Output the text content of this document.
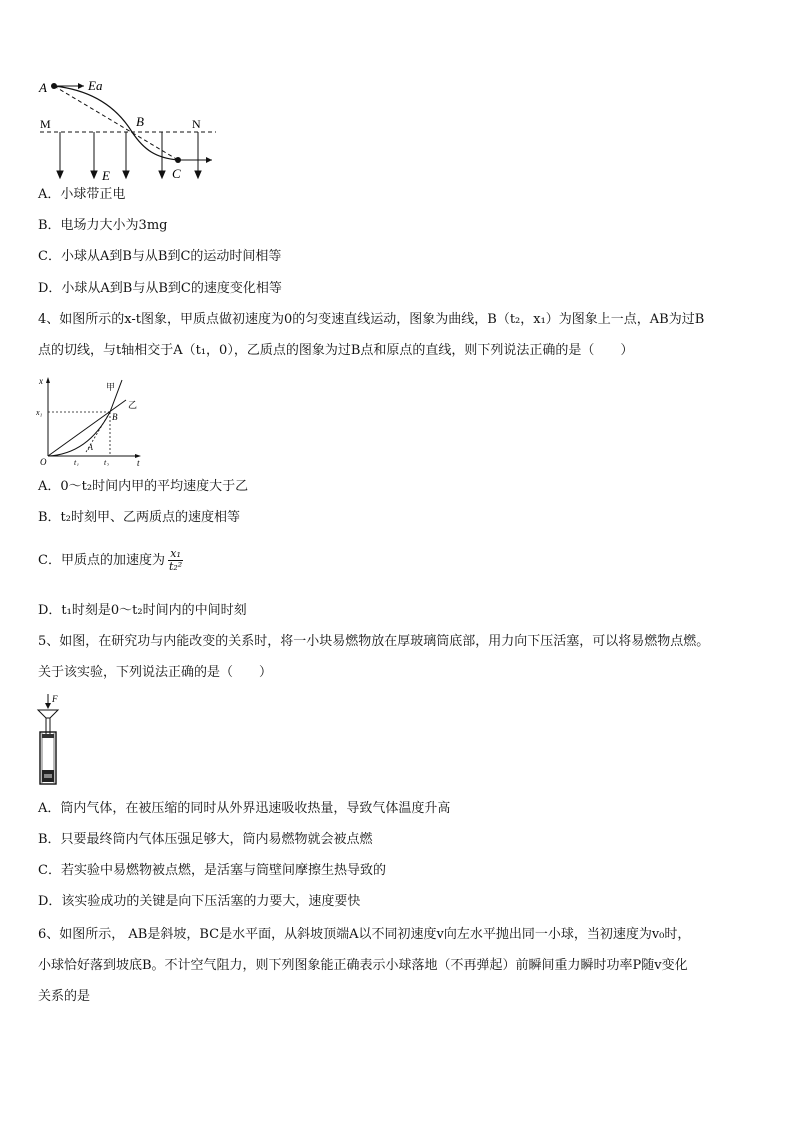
A	Ea
M	B	N
E	C
A．小球带正电
B．电场力大小为3mg
C．小球从A到B与从B到C的运动时间相等
D．小球从A到B与从B到C的速度变化相等
4、如图所示的x-t图象，甲质点做初速度为0的匀变速直线运动，图象为曲线，B（t₂，x₁）为图象上一点，AB为过B
点的切线，与t轴相交于A（t₁，0），乙质点的图象为过B点和原点的直线，则下列说法正确的是（　　）
x
t
O
x₁
t₁	t₂
甲
乙
B
A
A．0～t₂时间内甲的平均速度大于乙
B．t₂时刻甲、乙两质点的速度相等
C．甲质点的加速度为 $\frac{\text{x₁}}{\text{t₂²}}$
D．t₁时刻是0～t₂时间内的中间时刻
5、如图，在研究功与内能改变的关系时，将一小块易燃物放在厚玻璃筒底部，用力向下压活塞，可以将易燃物点燃。
关于该实验，下列说法正确的是（　　）
F
A．筒内气体，在被压缩的同时从外界迅速吸收热量，导致气体温度升高
B．只要最终筒内气体压强足够大，筒内易燃物就会被点燃
C．若实验中易燃物被点燃，是活塞与筒壁间摩擦生热导致的
D．该实验成功的关键是向下压活塞的力要大，速度要快
6、如图所示， AB是斜坡，BC是水平面，从斜坡顶端A以不同初速度v向左水平抛出同一小球，当初速度为v₀时，
小球恰好落到坡底B。不计空气阻力，则下列图象能正确表示小球落地（不再弹起）前瞬间重力瞬时功率P随v变化
关系的是
